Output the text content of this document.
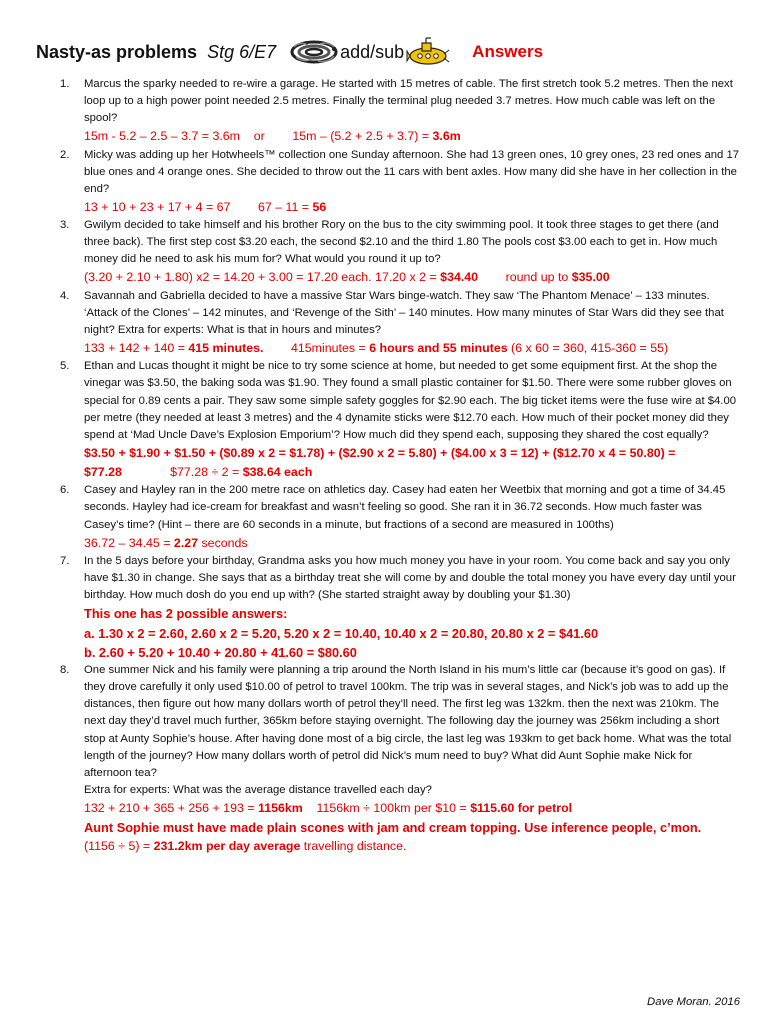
Nasty-as problems Stg 6/E7	add/sub	Answers
1. Marcus the sparky needed to re-wire a garage. He started with 15 metres of cable. The first stretch took 5.2 metres. Then the next loop up to a high power point needed 2.5 metres. Finally the terminal plug needed 3.7 metres. How much cable was left on the spool?

15m - 5.2 – 2.5 – 3.7 = 3.6m    or        15m – (5.2 + 2.5 + 3.7) = 3.6m

2. Micky was adding up her Hotwheels™ collection one Sunday afternoon. She had 13 green ones, 10 grey ones, 23 red ones and 17 blue ones and 4 orange ones. She decided to throw out the 11 cars with bent axles. How many did she have in her collection in the end?

13 + 10 + 23 + 17 + 4 = 67        67 – 11 = 56

3. Gwilym decided to take himself and his brother Rory on the bus to the city swimming pool. It took three stages to get there (and three back). The first step cost $3.20 each, the second $2.10 and the third 1.80 The pools cost $3.00 each to get in. How much money did he need to ask his mum for? What would you round it up to?

(3.20 + 2.10 + 1.80) x2 = 14.20 + 3.00 = 17.20 each. 17.20 x 2 = $34.40        round up to $35.00

4. Savannah and Gabriella decided to have a massive Star Wars binge-watch. They saw ‘The Phantom Menace’ – 133 minutes. ‘Attack of the Clones’ – 142 minutes, and ‘Revenge of the Sith’ – 140 minutes. How many minutes of Star Wars did they see that night? Extra for experts: What is that in hours and minutes?

133 + 142 + 140 = 415 minutes.        415minutes = 6 hours and 55 minutes (6 x 60 = 360, 415-360 = 55)

5. Ethan and Lucas thought it might be nice to try some science at home, but needed to get some equipment first. At the shop the vinegar was $3.50, the baking soda was $1.90. They found a small plastic container for $1.50. There were some rubber gloves on special for 0.89 cents a pair. They saw some simple safety goggles for $2.90 each. The big ticket items were the fuse wire at $4.00 per metre (they needed at least 3 metres) and the 4 dynamite sticks were $12.70 each. How much of their pocket money did they spend at ‘Mad Uncle Dave’s Explosion Emporium’? How much did they spend each, supposing they shared the cost equally?

$3.50 + $1.90 + $1.50 + ($0.89 x 2 = $1.78) + ($2.90 x 2 = 5.80) + ($4.00 x 3 = 12) + ($12.70 x 4 = 50.80) =

$77.28              $77.28 ÷ 2 = $38.64 each

6. Casey and Hayley ran in the 200 metre race on athletics day. Casey had eaten her Weetbix that morning and got a time of 34.45 seconds. Hayley had ice-cream for breakfast and wasn’t feeling so good. She ran it in 36.72 seconds. How much faster was Casey’s time? (Hint – there are 60 seconds in a minute, but fractions of a second are measured in 100ths)

36.72 – 34.45 = 2.27 seconds

7. In the 5 days before your birthday, Grandma asks you how much money you have in your room. You come back and say you only have $1.30 in change. She says that as a birthday treat she will come by and double the total money you have every day until your birthday. How much dosh do you end up with? (She started straight away by doubling your $1.30)

This one has 2 possible answers:

a. 1.30 x 2 = 2.60, 2.60 x 2 = 5.20, 5.20 x 2 = 10.40, 10.40 x 2 = 20.80, 20.80 x 2 = $41.60

b. 2.60 + 5.20 + 10.40 + 20.80 + 41.60 = $80.60

8. One summer Nick and his family were planning a trip around the North Island in his mum’s little car (because it’s good on gas). If they drove carefully it only used $10.00 of petrol to travel 100km. The trip was in several stages, and Nick’s job was to add up the distances, then figure out how many dollars worth of petrol they’ll need. The first leg was 132km. then the next was 210km. The next day they’d travel much further, 365km before staying overnight. The following day the journey was 256km including a short stop at Aunty Sophie’s house. After having done most of a big circle, the last leg was 193km to get back home. What was the total length of the journey? How many dollars worth of petrol did Nick’s mum need to buy? What did Aunt Sophie make Nick for afternoon tea?

Extra for experts: What was the average distance travelled each day?

132 + 210 + 365 + 256 + 193 = 1156km    1156km ÷ 100km per $10 = $115.60 for petrol

Aunt Sophie must have made plain scones with jam and cream topping. Use inference people, c’mon.

(1156 ÷ 5) = 231.2km per day average travelling distance.

Dave Moran. 2016
